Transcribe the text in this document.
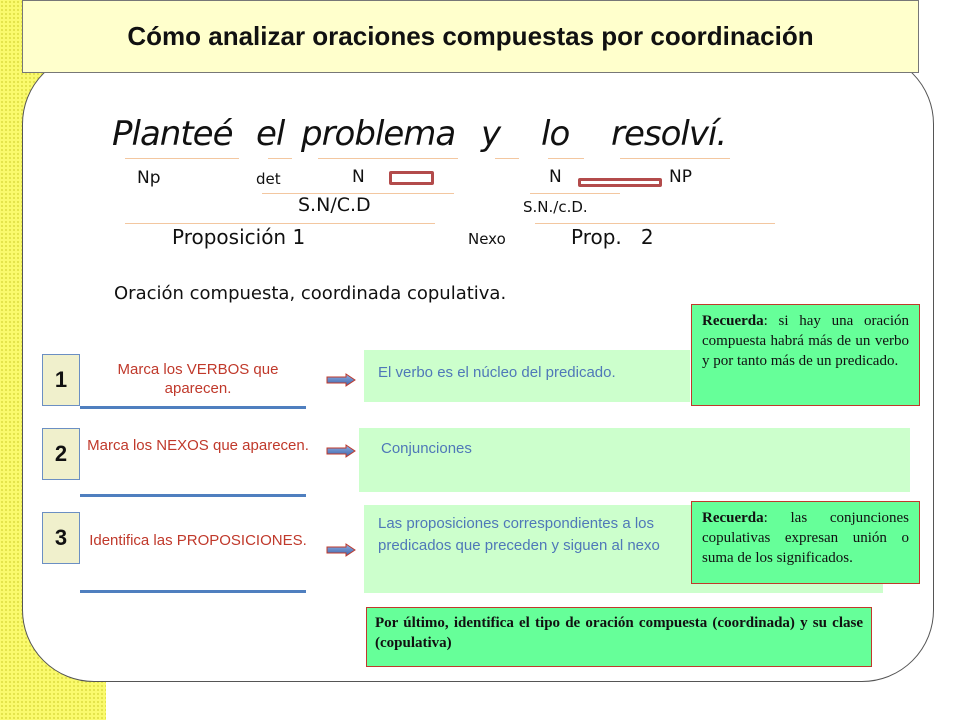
Cómo analizar oraciones compuestas por coordinación
Planteé el problema y lo resolví.
Np	det	N	N	NP
S.N/C.D	S.N./c.D.
Proposición 1	Nexo	Prop.   2
Oración compuesta, coordinada copulativa.
1	Marca los VERBOS que aparecen.
El verbo es el núcleo del predicado.
2	Marca los NEXOS que aparecen.	Conjunciones
3	Identifica las PROPOSICIONES.
Las proposiciones correspondientes a los predicados que preceden y siguen al nexo
Recuerda: si hay una oración compuesta habrá más de un verbo y por tanto más de un predicado.
Recuerda: las conjunciones copulativas expresan unión o suma de los significados.
Por último, identifica el tipo de oración compuesta (coordinada) y su clase (copulativa)
